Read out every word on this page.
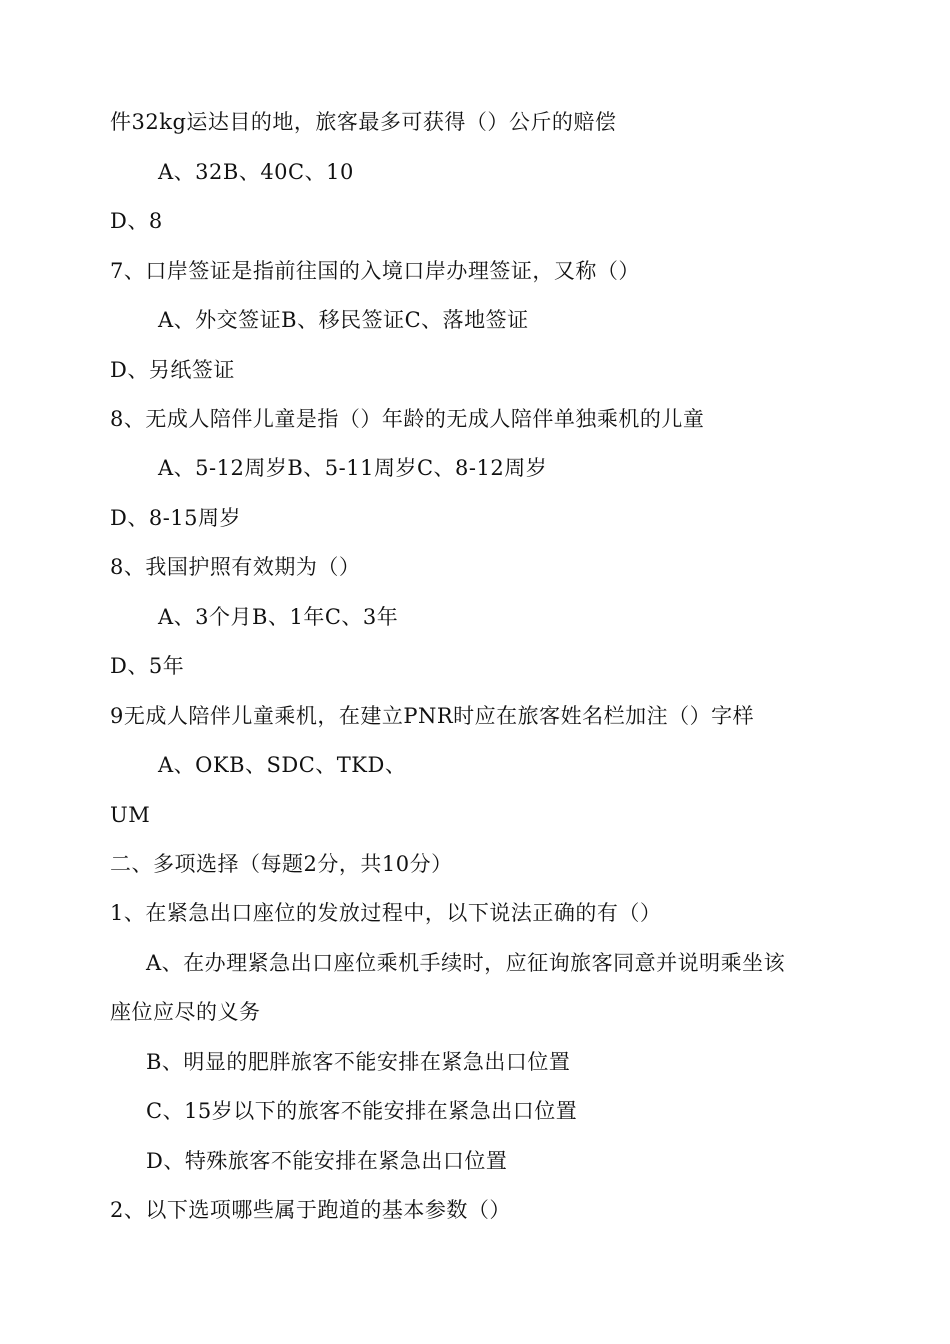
件32kg运达目的地，旅客最多可获得（）公斤的赔偿
A、32B、40C、10
D、8
7、口岸签证是指前往国的入境口岸办理签证，又称（）
A、外交签证B、移民签证C、落地签证
D、另纸签证
8、无成人陪伴儿童是指（）年龄的无成人陪伴单独乘机的儿童
A、5-12周岁B、5-11周岁C、8-12周岁
D、8-15周岁
8、我国护照有效期为（）
A、3个月B、1年C、3年
D、5年
9无成人陪伴儿童乘机，在建立PNR时应在旅客姓名栏加注（）字样
A、OKB、SDC、TKD、
UM
二、多项选择（每题2分，共10分）
1、在紧急出口座位的发放过程中，以下说法正确的有（）
A、在办理紧急出口座位乘机手续时，应征询旅客同意并说明乘坐该
座位应尽的义务
B、明显的肥胖旅客不能安排在紧急出口位置
C、15岁以下的旅客不能安排在紧急出口位置
D、特殊旅客不能安排在紧急出口位置
2、以下选项哪些属于跑道的基本参数（）
